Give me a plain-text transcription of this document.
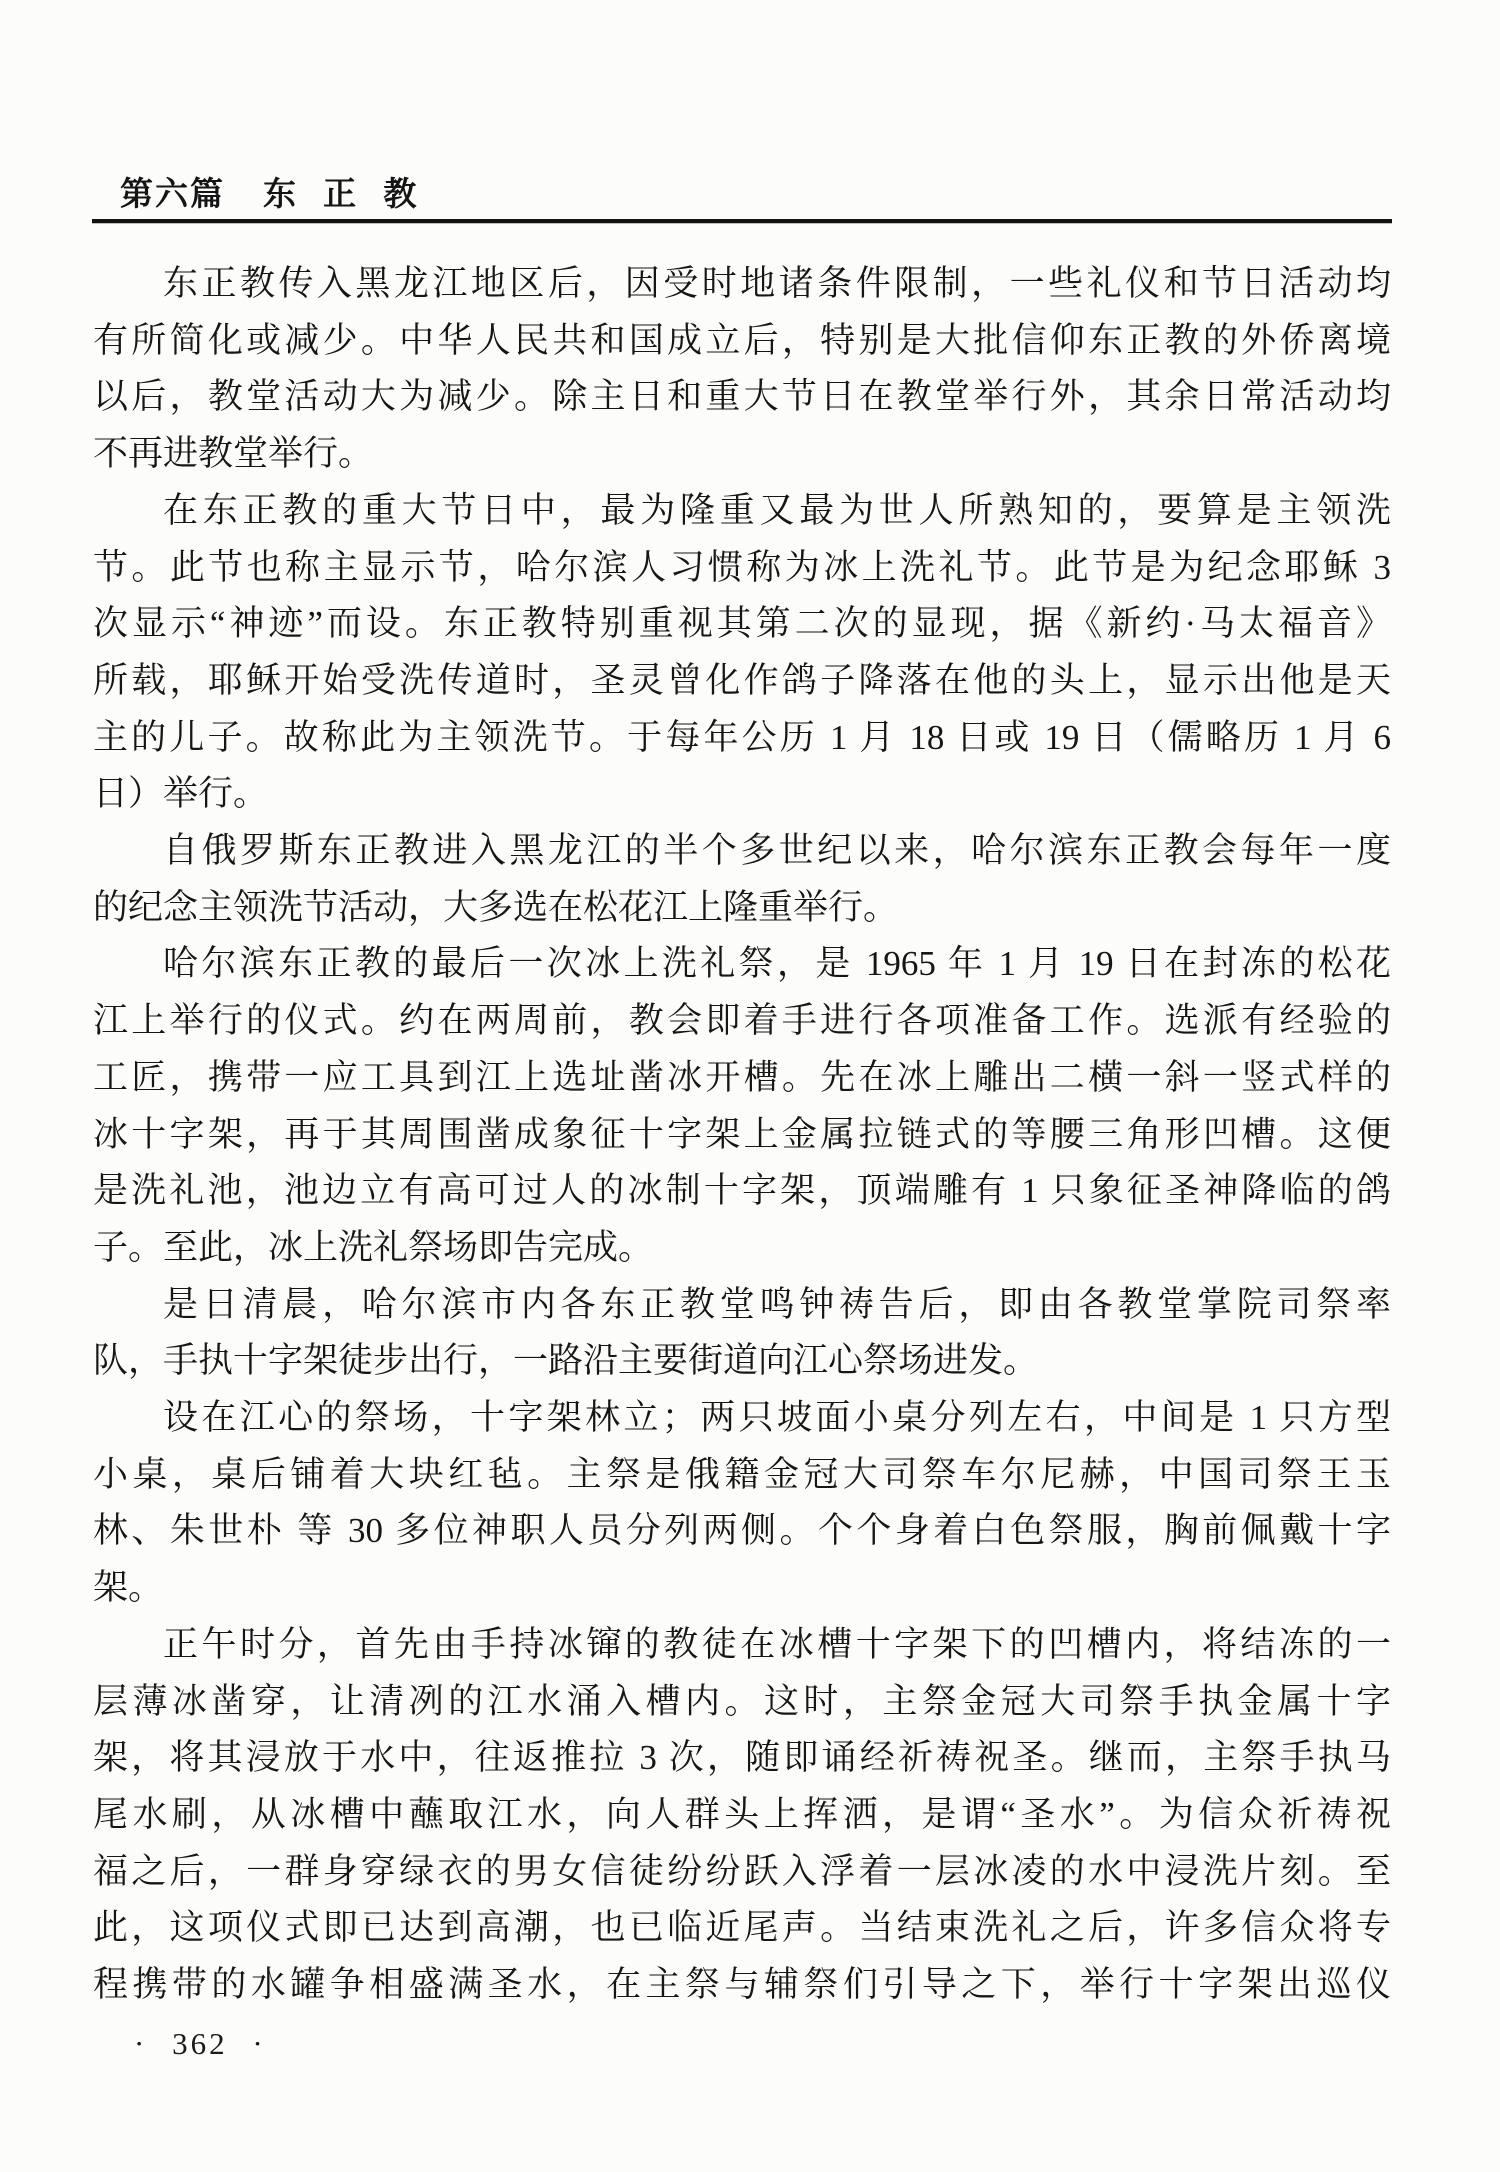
第六篇 东 正 教
东正教传入黑龙江地区后，因受时地诸条件限制，一些礼仪和节日活动均
有所简化或减少。中华人民共和国成立后，特别是大批信仰东正教的外侨离境
以后，教堂活动大为减少。除主日和重大节日在教堂举行外，其余日常活动均
不再进教堂举行。
在东正教的重大节日中，最为隆重又最为世人所熟知的，要算是主领洗
节。此节也称主显示节，哈尔滨人习惯称为冰上洗礼节。此节是为纪念耶稣 3
次显示“神迹”而设。东正教特别重视其第二次的显现，据《新约·马太福音》
所载，耶稣开始受洗传道时，圣灵曾化作鸽子降落在他的头上，显示出他是天
主的儿子。故称此为主领洗节。于每年公历 1 月 18 日或 19 日（儒略历 1 月 6
日）举行。
自俄罗斯东正教进入黑龙江的半个多世纪以来，哈尔滨东正教会每年一度
的纪念主领洗节活动，大多选在松花江上隆重举行。
哈尔滨东正教的最后一次冰上洗礼祭，是 1965 年 1 月 19 日在封冻的松花
江上举行的仪式。约在两周前，教会即着手进行各项准备工作。选派有经验的
工匠，携带一应工具到江上选址凿冰开槽。先在冰上雕出二横一斜一竖式样的
冰十字架，再于其周围凿成象征十字架上金属拉链式的等腰三角形凹槽。这便
是洗礼池，池边立有高可过人的冰制十字架，顶端雕有 1 只象征圣神降临的鸽
子。至此，冰上洗礼祭场即告完成。
是日清晨，哈尔滨市内各东正教堂鸣钟祷告后，即由各教堂掌院司祭率
队，手执十字架徒步出行，一路沿主要街道向江心祭场进发。
设在江心的祭场，十字架林立；两只坡面小桌分列左右，中间是 1 只方型
小桌，桌后铺着大块红毡。主祭是俄籍金冠大司祭车尔尼赫，中国司祭王玉
林、朱世朴 等 30 多位神职人员分列两侧。个个身着白色祭服，胸前佩戴十字
架。
正午时分，首先由手持冰镩的教徒在冰槽十字架下的凹槽内，将结冻的一
层薄冰凿穿，让清冽的江水涌入槽内。这时，主祭金冠大司祭手执金属十字
架，将其浸放于水中，往返推拉 3 次，随即诵经祈祷祝圣。继而，主祭手执马
尾水刷，从冰槽中蘸取江水，向人群头上挥洒，是谓“圣水”。为信众祈祷祝
福之后，一群身穿绿衣的男女信徒纷纷跃入浮着一层冰凌的水中浸洗片刻。至
此，这项仪式即已达到高潮，也已临近尾声。当结束洗礼之后，许多信众将专
程携带的水罐争相盛满圣水，在主祭与辅祭们引导之下，举行十字架出巡仪
· 362 ·
